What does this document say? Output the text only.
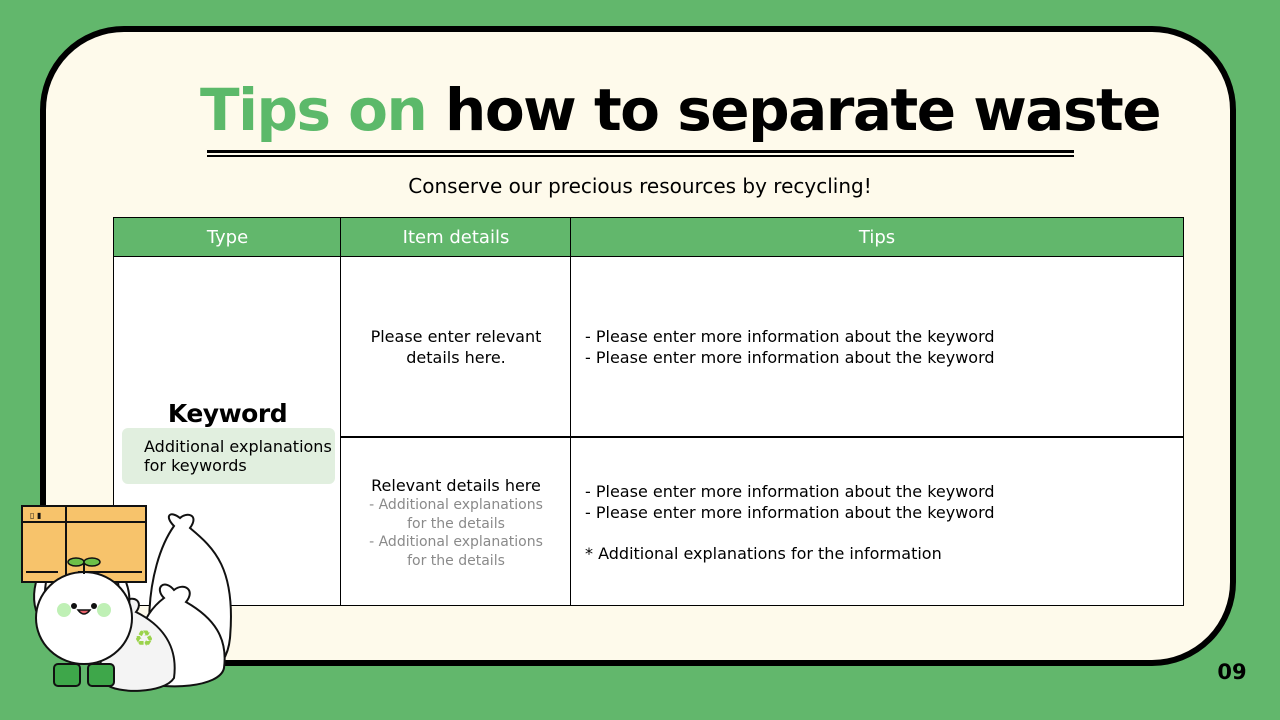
Tips on how to separate waste

Conserve our precious resources by recycling!

Type	Item details	Tips
Keyword
Additional explanations for keywords
Please enter relevant details here.
- Please enter more information about the keyword
- Please enter more information about the keyword
Relevant details here
- Additional explanations for the details
- Additional explanations for the details
- Please enter more information about the keyword
- Please enter more information about the keyword
* Additional explanations for the information
♻
▯ ▮
09
